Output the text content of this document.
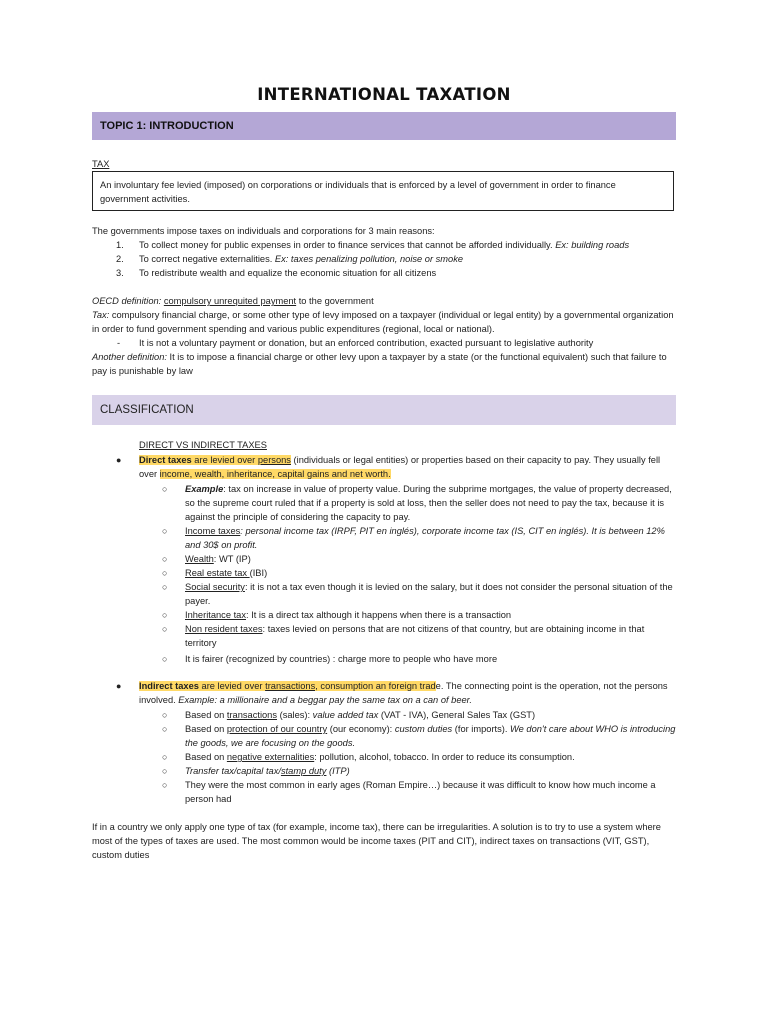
INTERNATIONAL TAXATION
TOPIC 1: INTRODUCTION
TAX
An involuntary fee levied (imposed) on corporations or individuals that is enforced by a level of government in order to finance government activities.
The governments impose taxes on individuals and corporations for 3 main reasons:
1. To collect money for public expenses in order to finance services that cannot be afforded individually. Ex: building roads
2. To correct negative externalities. Ex: taxes penalizing pollution, noise or smoke
3. To redistribute wealth and equalize the economic situation for all citizens
OECD definition: compulsory unrequited payment to the government
Tax: compulsory financial charge, or some other type of levy imposed on a taxpayer (individual or legal entity) by a governmental organization in order to fund government spending and various public expenditures (regional, local or national).
- It is not a voluntary payment or donation, but an enforced contribution, exacted pursuant to legislative authority
Another definition: It is to impose a financial charge or other levy upon a taxpayer by a state (or the functional equivalent) such that failure to pay is punishable by law
CLASSIFICATION
DIRECT VS INDIRECT TAXES
● Direct taxes are levied over persons (individuals or legal entities) or properties based on their capacity to pay. They usually fell over income, wealth, inheritance, capital gains and net worth.
○ Example: tax on increase in value of property value. During the subprime mortgages, the value of property decreased, so the supreme court ruled that if a property is sold at loss, then the seller does not need to pay the tax, because it is against the principle of considering the capacity to pay.
○ Income taxes: personal income tax (IRPF, PIT en inglés), corporate income tax (IS, CIT en inglés). It is between 12% and 30$ on profit.
○ Wealth: WT (IP)
○ Real estate tax (IBI)
○ Social security: it is not a tax even though it is levied on the salary, but it does not consider the personal situation of the payer.
○ Inheritance tax: It is a direct tax although it happens when there is a transaction
○ Non resident taxes: taxes levied on persons that are not citizens of that country, but are obtaining income in that territory
○ It is fairer (recognized by countries) : charge more to people who have more
● Indirect taxes are levied over transactions, consumption an foreign trade. The connecting point is the operation, not the persons involved. Example: a millionaire and a beggar pay the same tax on a can of beer.
○ Based on transactions (sales): value added tax (VAT - IVA), General Sales Tax (GST)
○ Based on protection of our country (our economy): custom duties (for imports). We don't care about WHO is introducing the goods, we are focusing on the goods.
○ Based on negative externalities: pollution, alcohol, tobacco. In order to reduce its consumption.
○ Transfer tax/capital tax/stamp duty (ITP)
○ They were the most common in early ages (Roman Empire…) because it was difficult to know how much income a person had
If in a country we only apply one type of tax (for example, income tax), there can be irregularities. A solution is to try to use a system where most of the types of taxes are used. The most common would be income taxes (PIT and CIT), indirect taxes on transactions (VIT, GST), custom duties
